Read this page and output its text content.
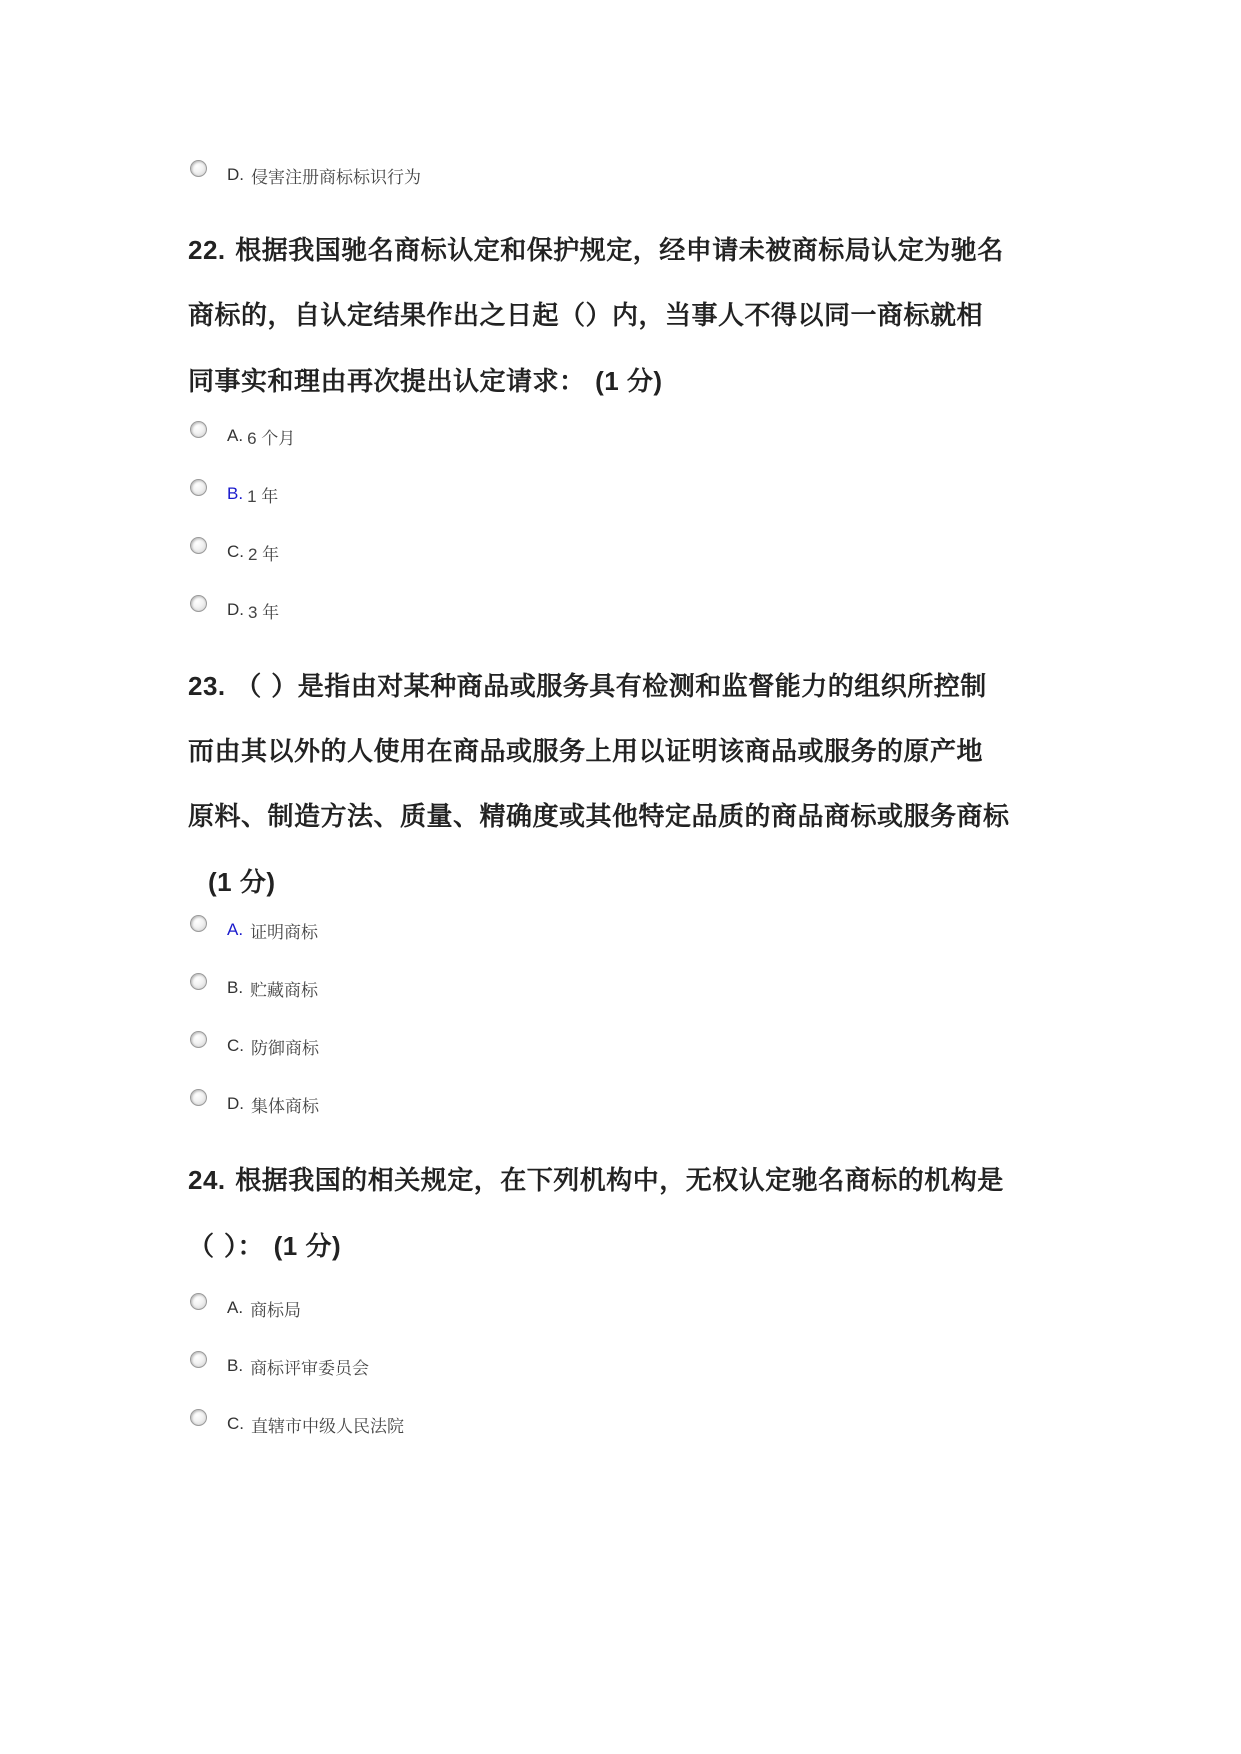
D. 侵害注册商标标识行为
22. 根据我国驰名商标认定和保护规定，经申请未被商标局认定为驰名
商标的，自认定结果作出之日起（）内，当事人不得以同一商标就相
同事实和理由再次提出认定请求： (1 分)
A. 6 个月
B. 1 年
C. 2 年
D. 3 年
23. （ ）是指由对某种商品或服务具有检测和监督能力的组织所控制
而由其以外的人使用在商品或服务上用以证明该商品或服务的原产地
原料、制造方法、质量、精确度或其他特定品质的商品商标或服务商标
(1 分)
A. 证明商标
B. 贮藏商标
C. 防御商标
D. 集体商标
24. 根据我国的相关规定，在下列机构中，无权认定驰名商标的机构是
（ ）： (1 分)
A. 商标局
B. 商标评审委员会
C. 直辖市中级人民法院
